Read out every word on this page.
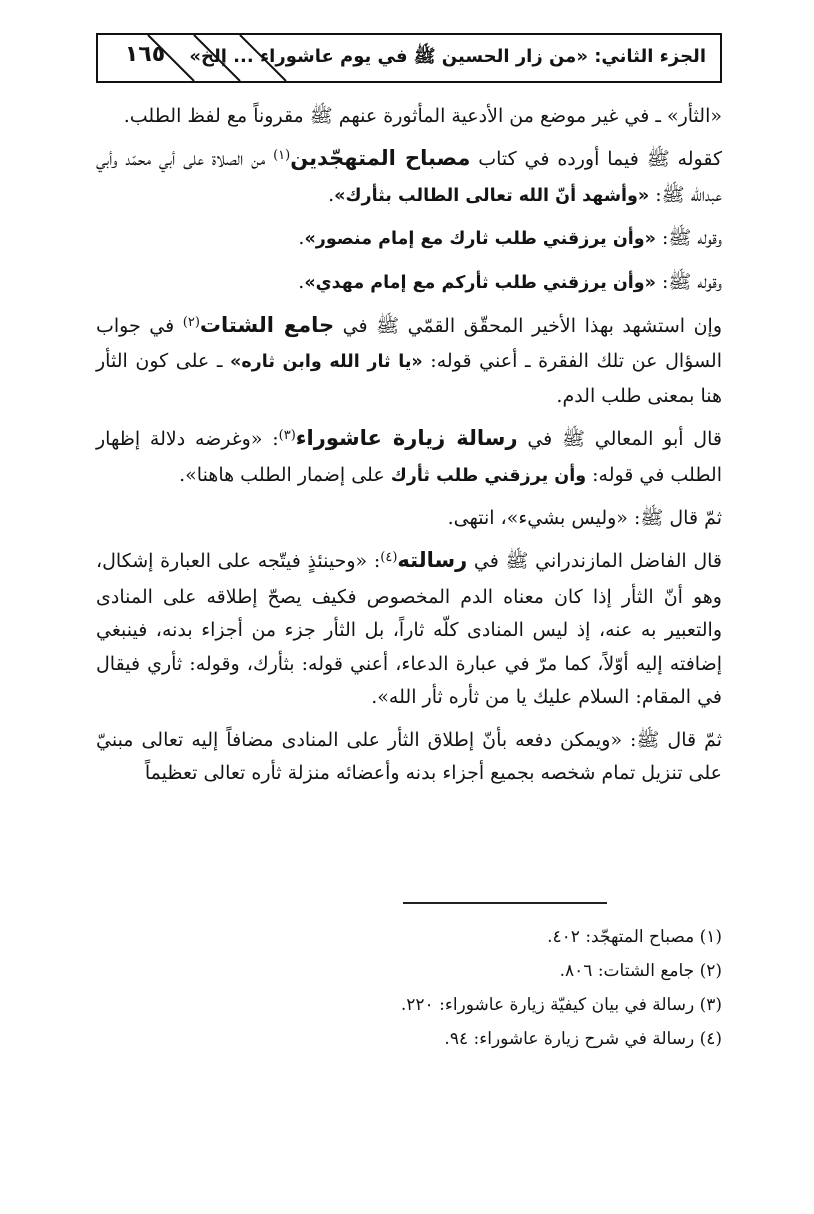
١٦٥	الجزء الثاني: «من زار الحسين ﷺ في يوم عاشوراء ... إلخ»

«الثأر» ـ في غير موضع من الأدعية المأثورة عنهم ﷺ مقروناً مع لفظ الطلب.

كقوله ﷺ فيما أورده في كتاب مصباح المتهجّدين$^{(١)}$ من الصلاة على أبي محمّد وأبي عبدالله ﷺ: «وأشهد أنّ الله تعالى الطالب بثأرك».

وقوله ﷺ: «وأن يرزقني طلب ثارك مع إمام منصور».

وقوله ﷺ: «وأن يرزقني طلب ثأركم مع إمام مهدي».

وإن استشهد بهذا الأخير المحقّق القمّي ﷺ في جامع الشتات$^{(٢)}$ في جواب السؤال عن تلك الفقرة ـ أعني قوله: «يا ثار الله وابن ثاره» ـ على كون الثأر هنا بمعنى طلب الدم.

قال أبو المعالي ﷺ في رسالة زيارة عاشوراء$^{(٣)}$: «وغرضه دلالة إظهار الطلب في قوله: وأن يرزقني طلب ثأرك على إضمار الطلب هاهنا».

ثمّ قال ﷺ: «وليس بشيء»، انتهى.

قال الفاضل المازندراني ﷺ في رسالته$^{(٤)}$: «وحينئذٍ فيتّجه على العبارة إشكال، وهو أنّ الثأر إذا كان معناه الدم المخصوص فكيف يصحّ إطلاقه على المنادى والتعبير به عنه، إذ ليس المنادى كلّه ثاراً، بل الثأر جزء من أجزاء بدنه، فينبغي إضافته إليه أوّلاً، كما مرّ في عبارة الدعاء، أعني قوله: بثأرك، وقوله: ثأري فيقال في المقام: السلام عليك يا من ثأره ثأر الله».

ثمّ قال ﷺ: «ويمكن دفعه بأنّ إطلاق الثأر على المنادى مضافاً إليه تعالى مبنيّ على تنزيل تمام شخصه بجميع أجزاء بدنه وأعضائه منزلة ثأره تعالى تعظيماً

(١) مصباح المتهجّد: ٤٠٢.
(٢) جامع الشتات: ٨٠٦.
(٣) رسالة في بيان كيفيّة زيارة عاشوراء: ٢٢٠.
(٤) رسالة في شرح زيارة عاشوراء: ٩٤.
